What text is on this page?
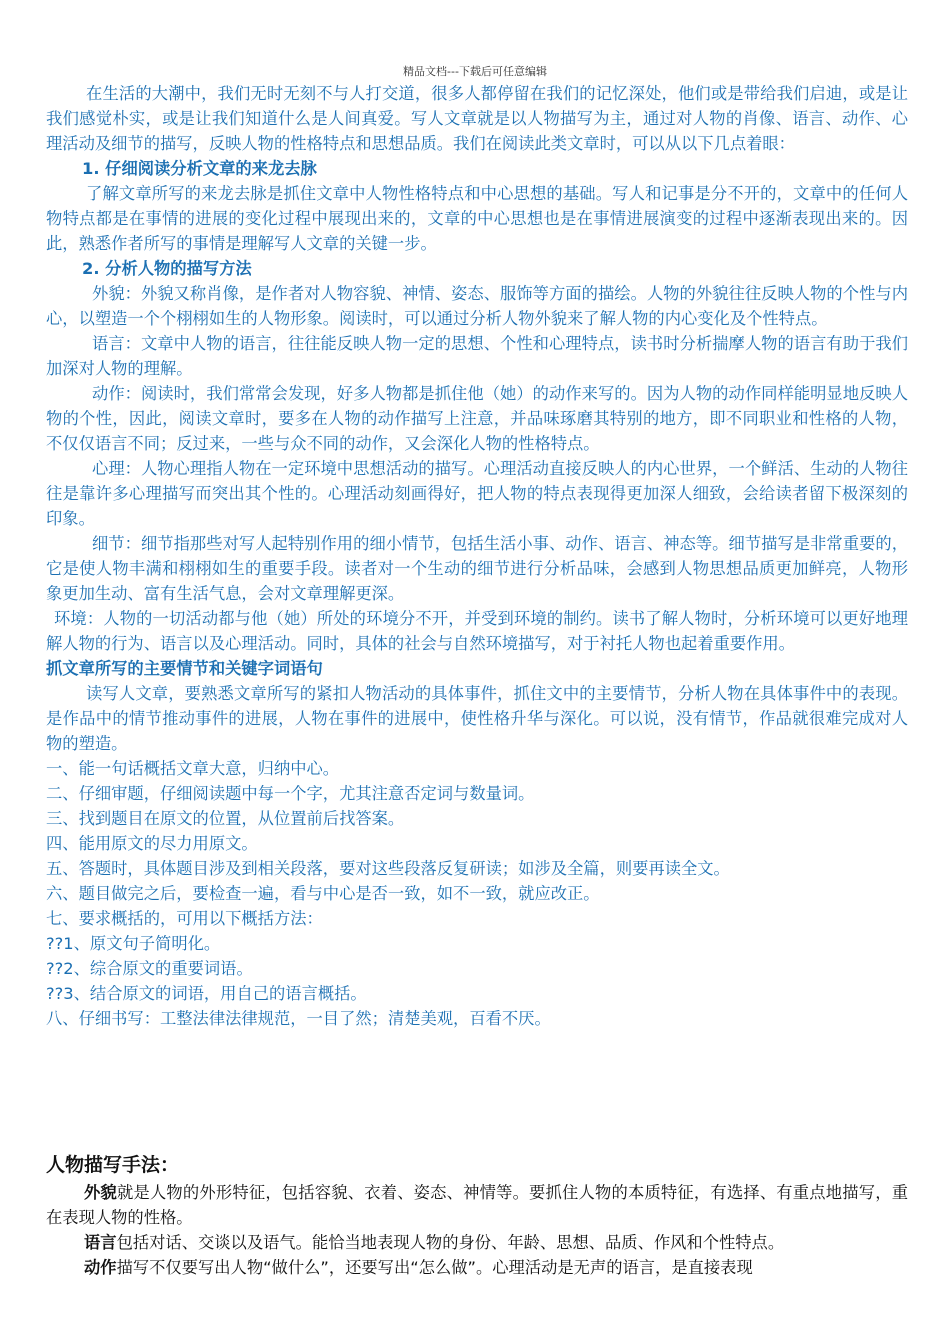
精品文档---下载后可任意编辑

在生活的大潮中，我们无时无刻不与人打交道，很多人都停留在我们的记忆深处，他们或是带给我们启迪，或是让我们感觉朴实，或是让我们知道什么是人间真爱。写人文章就是以人物描写为主，通过对人物的肖像、语言、动作、心理活动及细节的描写，反映人物的性格特点和思想品质。我们在阅读此类文章时，可以从以下几点着眼：

1. 仔细阅读分析文章的来龙去脉

了解文章所写的来龙去脉是抓住文章中人物性格特点和中心思想的基础。写人和记事是分不开的，文章中的任何人物特点都是在事情的进展的变化过程中展现出来的，文章的中心思想也是在事情进展演变的过程中逐渐表现出来的。因此，熟悉作者所写的事情是理解写人文章的关键一步。

2. 分析人物的描写方法

外貌：外貌又称肖像，是作者对人物容貌、神情、姿态、服饰等方面的描绘。人物的外貌往往反映人物的个性与内心，以塑造一个个栩栩如生的人物形象。阅读时，可以通过分析人物外貌来了解人物的内心变化及个性特点。

语言：文章中人物的语言，往往能反映人物一定的思想、个性和心理特点，读书时分析揣摩人物的语言有助于我们加深对人物的理解。

动作：阅读时，我们常常会发现，好多人物都是抓住他（她）的动作来写的。因为人物的动作同样能明显地反映人物的个性，因此，阅读文章时，要多在人物的动作描写上注意，并品味琢磨其特别的地方，即不同职业和性格的人物，不仅仅语言不同；反过来，一些与众不同的动作，又会深化人物的性格特点。

心理：人物心理指人物在一定环境中思想活动的描写。心理活动直接反映人的内心世界，一个鲜活、生动的人物往往是靠许多心理描写而突出其个性的。心理活动刻画得好，把人物的特点表现得更加深人细致，会给读者留下极深刻的印象。

细节：细节指那些对写人起特别作用的细小情节，包括生活小事、动作、语言、神态等。细节描写是非常重要的，它是使人物丰满和栩栩如生的重要手段。读者对一个生动的细节进行分析品味，会感到人物思想品质更加鲜亮，人物形象更加生动、富有生活气息，会对文章理解更深。

环境：人物的一切活动都与他（她）所处的环境分不开，并受到环境的制约。读书了解人物时，分析环境可以更好地理解人物的行为、语言以及心理活动。同时，具体的社会与自然环境描写，对于衬托人物也起着重要作用。

抓文章所写的主要情节和关键字词语句

读写人文章，要熟悉文章所写的紧扣人物活动的具体事件，抓住文中的主要情节，分析人物在具体事件中的表现。是作品中的情节推动事件的进展，人物在事件的进展中，使性格升华与深化。可以说，没有情节，作品就很难完成对人物的塑造。

一、能一句话概括文章大意，归纳中心。

二、仔细审题，仔细阅读题中每一个字，尤其注意否定词与数量词。

三、找到题目在原文的位置，从位置前后找答案。

四、能用原文的尽力用原文。

五、答题时，具体题目涉及到相关段落，要对这些段落反复研读；如涉及全篇，则要再读全文。

六、题目做完之后，要检查一遍，看与中心是否一致，如不一致，就应改正。

七、要求概括的，可用以下概括方法：

??1、原文句子简明化。

??2、综合原文的重要词语。

??3、结合原文的词语，用自己的语言概括。

八、仔细书写：工整法律法律规范，一目了然；清楚美观，百看不厌。

人物描写手法：

外貌就是人物的外形特征，包括容貌、衣着、姿态、神情等。要抓住人物的本质特征，有选择、有重点地描写，重在表现人物的性格。

语言包括对话、交谈以及语气。能恰当地表现人物的身份、年龄、思想、品质、作风和个性特点。

动作描写不仅要写出人物“做什么”，还要写出“怎么做”。心理活动是无声的语言，是直接表现
